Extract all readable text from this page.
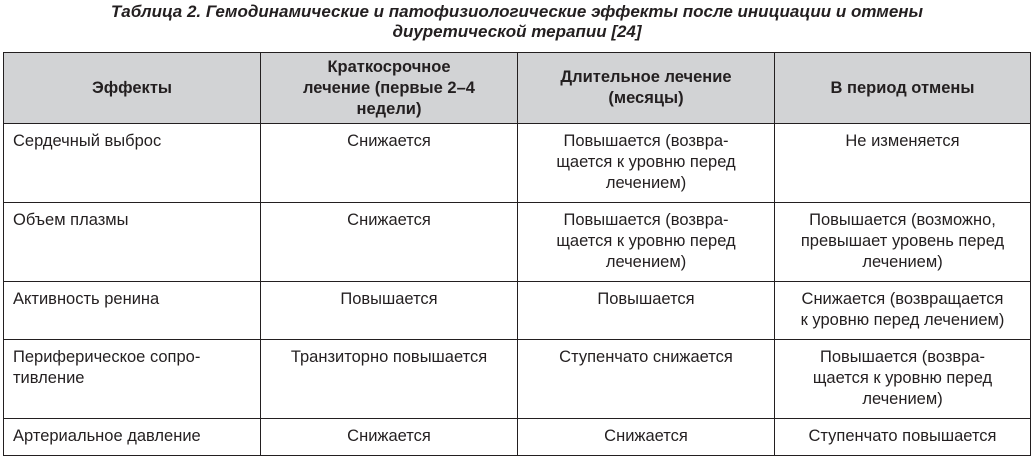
Таблица 2. Гемодинамические и патофизиологические эффекты после инициации и отмены
диуретической терапии [24]
Эффекты	Краткосрочное
лечение (первые 2–4
недели)	Длительное лечение
(месяцы)	В период отмены

Сердечный выброс	Снижается	Повышается (возвра-
щается к уровню перед
лечением)	Не изменяется

Объем плазмы	Снижается	Повышается (возвра-
щается к уровню перед
лечением)	Повышается (возможно,
превышает уровень перед
лечением)

Активность ренина	Повышается	Повышается	Снижается (возвращается
к уровню перед лечением)

Периферическое сопро-
тивление	Транзиторно повышается	Ступенчато снижается	Повышается (возвра-
щается к уровню перед
лечением)

Артериальное давление	Снижается	Снижается	Ступенчато повышается
